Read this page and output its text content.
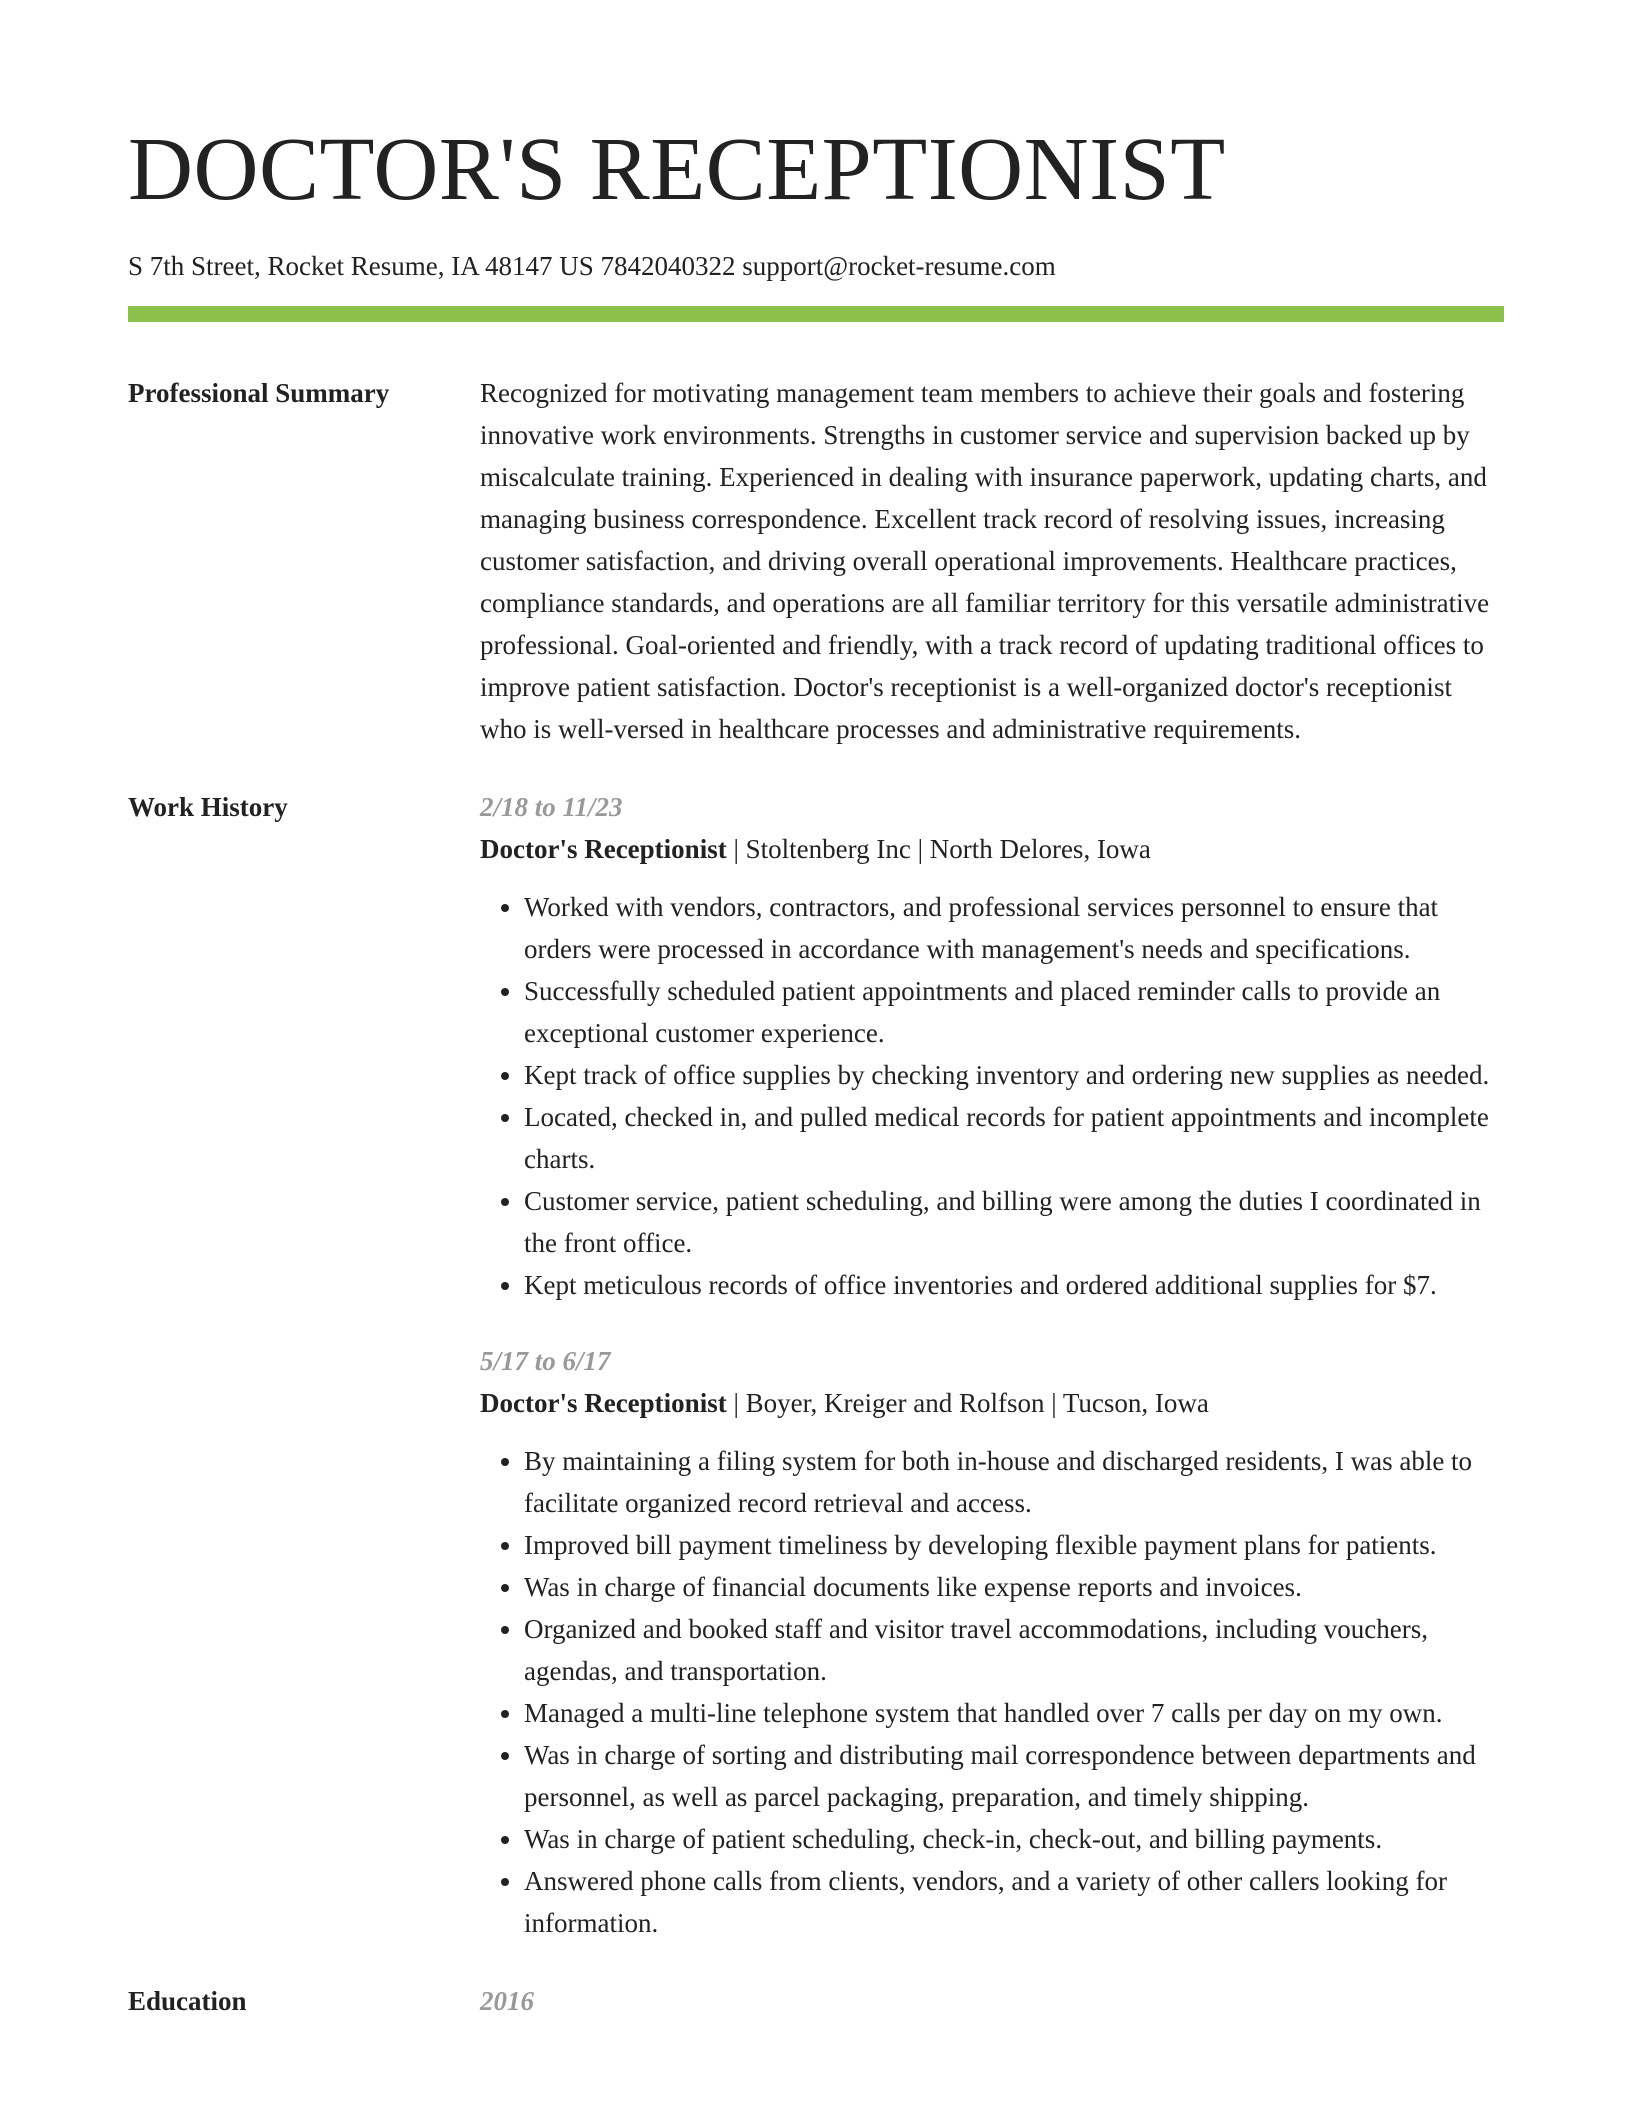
DOCTOR'S RECEPTIONIST
S 7th Street, Rocket Resume, IA 48147 US 7842040322 support@rocket-resume.com
Professional Summary	Recognized for motivating management team members to achieve their goals and fostering innovative work environments. Strengths in customer service and supervision backed up by miscalculate training. Experienced in dealing with insurance paperwork, updating charts, and managing business correspondence. Excellent track record of resolving issues, increasing customer satisfaction, and driving overall operational improvements. Healthcare practices, compliance standards, and operations are all familiar territory for this versatile administrative professional. Goal-oriented and friendly, with a track record of updating traditional offices to improve patient satisfaction. Doctor's receptionist is a well-organized doctor's receptionist who is well-versed in healthcare processes and administrative requirements.

Work History	2/18 to 11/23
Doctor's Receptionist | Stoltenberg Inc | North Delores, Iowa
• Worked with vendors, contractors, and professional services personnel to ensure that orders were processed in accordance with management's needs and specifications.
• Successfully scheduled patient appointments and placed reminder calls to provide an exceptional customer experience.
• Kept track of office supplies by checking inventory and ordering new supplies as needed.
• Located, checked in, and pulled medical records for patient appointments and incomplete charts.
• Customer service, patient scheduling, and billing were among the duties I coordinated in the front office.
• Kept meticulous records of office inventories and ordered additional supplies for $7.
5/17 to 6/17
Doctor's Receptionist | Boyer, Kreiger and Rolfson | Tucson, Iowa
• By maintaining a filing system for both in-house and discharged residents, I was able to facilitate organized record retrieval and access.
• Improved bill payment timeliness by developing flexible payment plans for patients.
• Was in charge of financial documents like expense reports and invoices.
• Organized and booked staff and visitor travel accommodations, including vouchers, agendas, and transportation.
• Managed a multi-line telephone system that handled over 7 calls per day on my own.
• Was in charge of sorting and distributing mail correspondence between departments and personnel, as well as parcel packaging, preparation, and timely shipping.
• Was in charge of patient scheduling, check-in, check-out, and billing payments.
• Answered phone calls from clients, vendors, and a variety of other callers looking for information.
Education	2016
